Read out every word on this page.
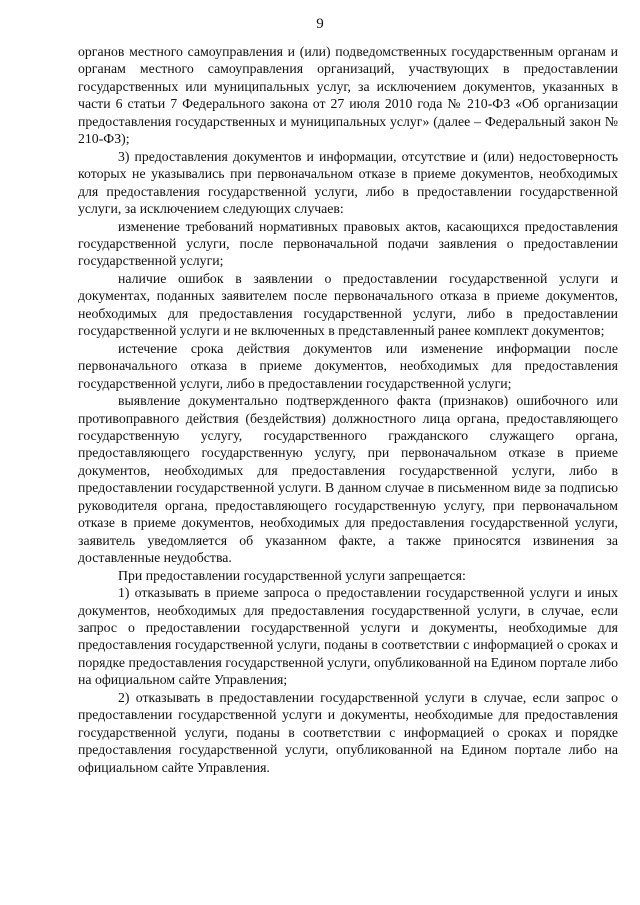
9

органов местного самоуправления и (или) подведомственных государственным органам и органам местного самоуправления организаций, участвующих в предоставлении государственных или муниципальных услуг, за исключением документов, указанных в части 6 статьи 7 Федерального закона от 27 июля 2010 года № 210-ФЗ «Об организации предоставления государственных и муниципальных услуг» (далее – Федеральный закон № 210-ФЗ);

3) предоставления документов и информации, отсутствие и (или) недостоверность которых не указывались при первоначальном отказе в приеме документов, необходимых для предоставления государственной услуги, либо в предоставлении государственной услуги, за исключением следующих случаев:

изменение требований нормативных правовых актов, касающихся предоставления государственной услуги, после первоначальной подачи заявления о предоставлении государственной услуги;

наличие ошибок в заявлении о предоставлении государственной услуги и документах, поданных заявителем после первоначального отказа в приеме документов, необходимых для предоставления государственной услуги, либо в предоставлении государственной услуги и не включенных в представленный ранее комплект документов;

истечение срока действия документов или изменение информации после первоначального отказа в приеме документов, необходимых для предоставления государственной услуги, либо в предоставлении государственной услуги;

выявление документально подтвержденного факта (признаков) ошибочного или противоправного действия (бездействия) должностного лица органа, предоставляющего государственную услугу, государственного гражданского служащего органа, предоставляющего государственную услугу, при первоначальном отказе в приеме документов, необходимых для предоставления государственной услуги, либо в предоставлении государственной услуги. В данном случае в письменном виде за подписью руководителя органа, предоставляющего государственную услугу, при первоначальном отказе в приеме документов, необходимых для предоставления государственной услуги, заявитель уведомляется об указанном факте, а также приносятся извинения за доставленные неудобства.

При предоставлении государственной услуги запрещается:

1) отказывать в приеме запроса о предоставлении государственной услуги и иных документов, необходимых для предоставления государственной услуги, в случае, если запрос о предоставлении государственной услуги и документы, необходимые для предоставления государственной услуги, поданы в соответствии с информацией о сроках и порядке предоставления государственной услуги, опубликованной на Едином портале либо на официальном сайте Управления;

2) отказывать в предоставлении государственной услуги в случае, если запрос о предоставлении государственной услуги и документы, необходимые для предоставления государственной услуги, поданы в соответствии с информацией о сроках и порядке предоставления государственной услуги, опубликованной на Едином портале либо на официальном сайте Управления.
